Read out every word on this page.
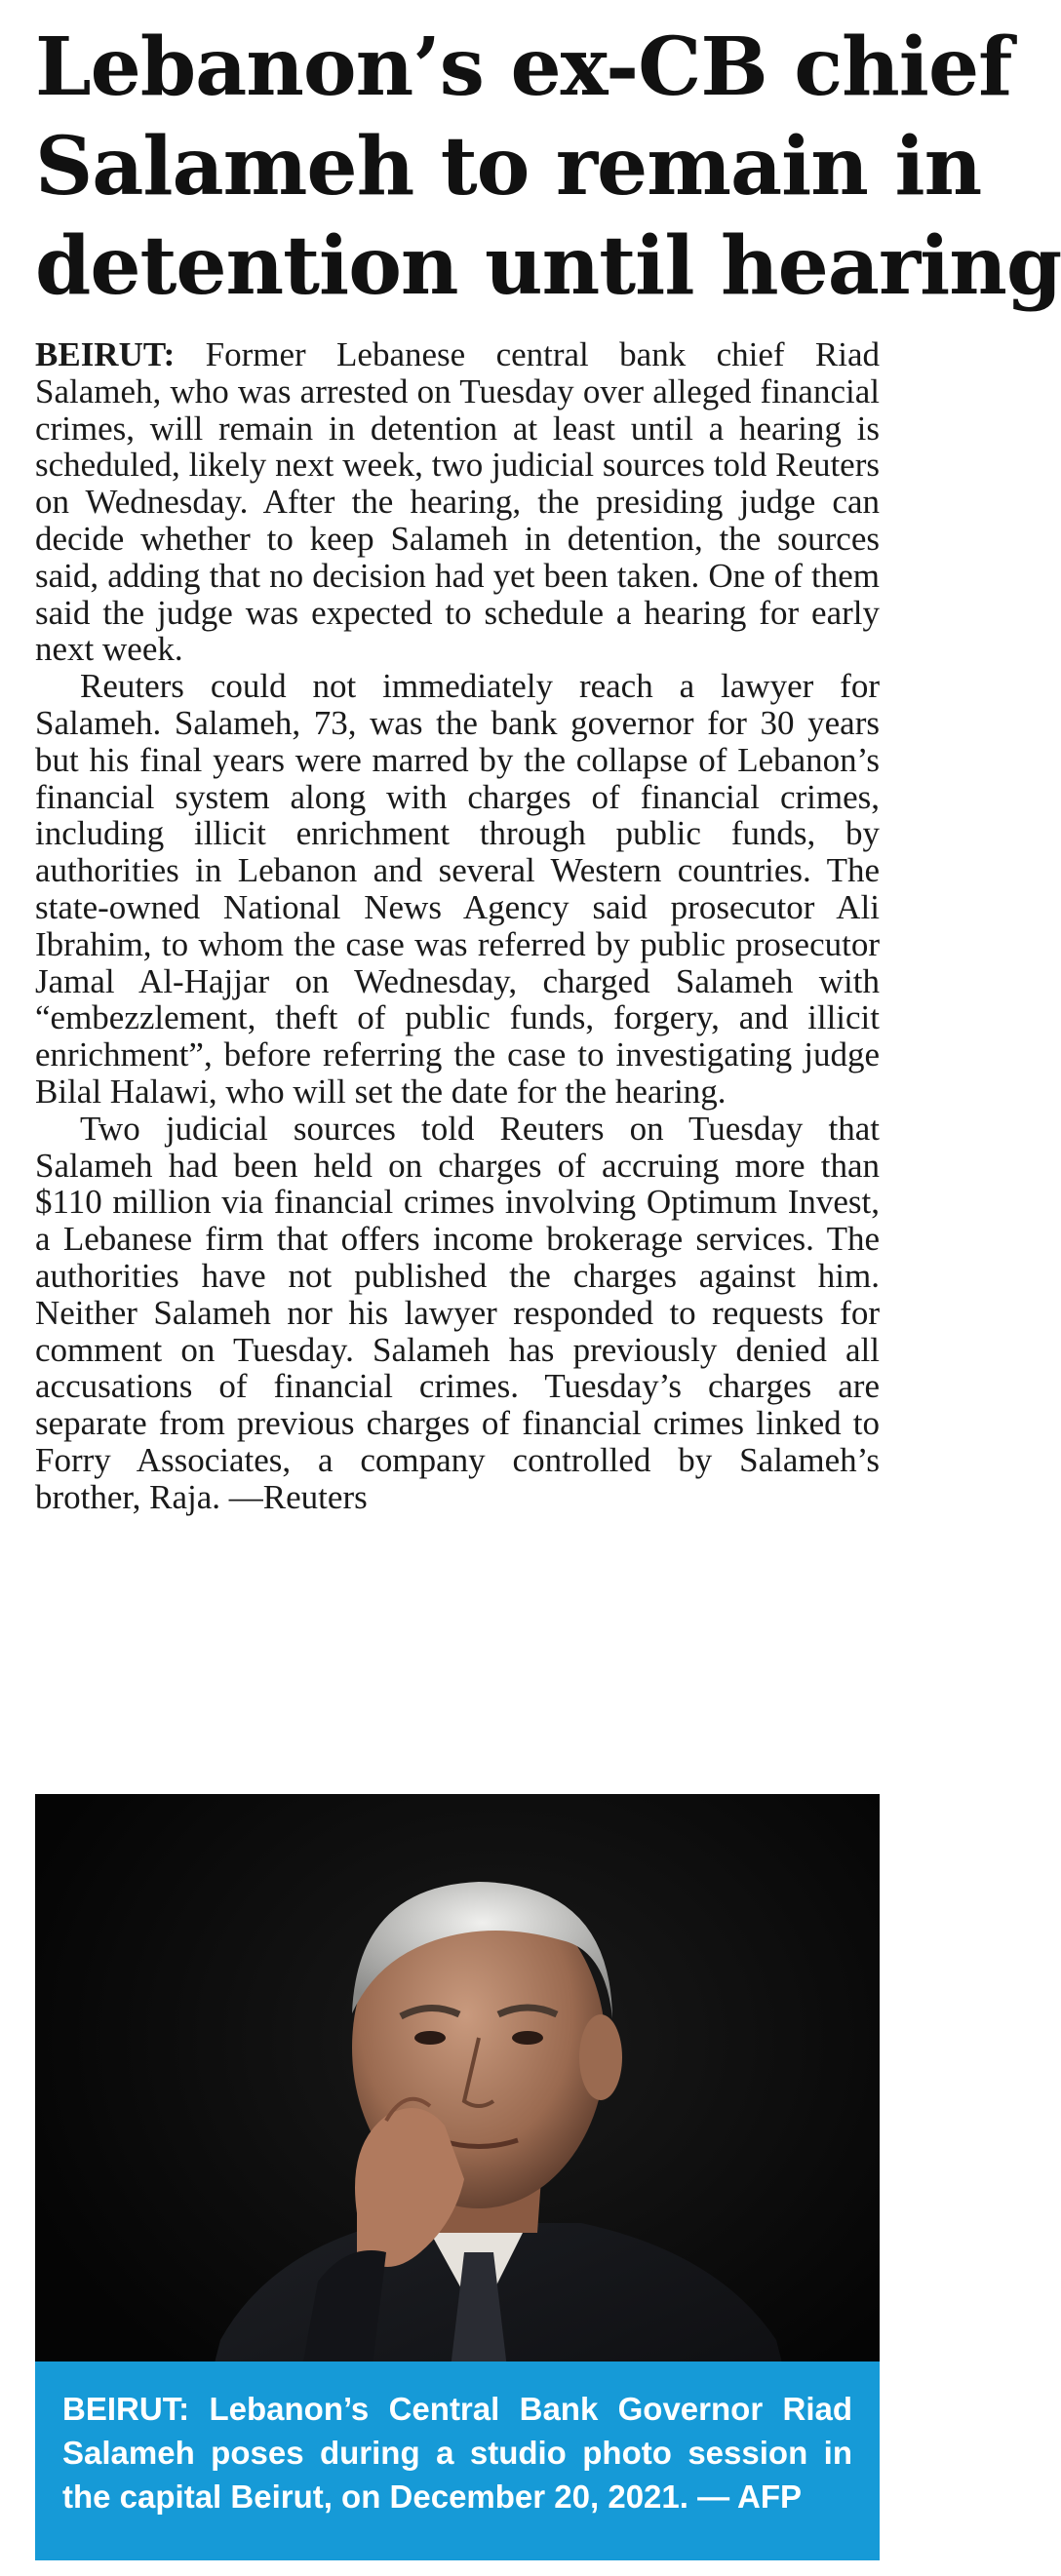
Lebanon’s ex-CB chief
Salameh to remain in
detention until hearing

BEIRUT: Former Lebanese central bank chief Riad Salameh, who was arrested on Tuesday over alleged financial crimes, will remain in detention at least until a hearing is scheduled, likely next week, two judicial sources told Reuters on Wednesday. After the hearing, the presiding judge can decide whether to keep Salameh in detention, the sources said, adding that no decision had yet been taken. One of them said the judge was expected to schedule a hearing for early next week.

Reuters could not immediately reach a lawyer for Salameh. Salameh, 73, was the bank governor for 30 years but his final years were marred by the collapse of Lebanon’s financial system along with charges of financial crimes, including illicit enrichment through public funds, by authorities in Lebanon and several Western countries. The state-owned National News Agency said prosecutor Ali Ibrahim, to whom the case was referred by public prosecutor Jamal Al-Hajjar on Wednesday, charged Salameh with “embezzlement, theft of public funds, forgery, and illicit enrichment”, before referring the case to investigating judge Bilal Halawi, who will set the date for the hearing.

Two judicial sources told Reuters on Tuesday that Salameh had been held on charges of accruing more than $110 million via financial crimes involving Optimum Invest, a Lebanese firm that offers income brokerage services. The authorities have not published the charges against him. Neither Salameh nor his lawyer responded to requests for comment on Tuesday. Salameh has previously denied all accusations of financial crimes. Tuesday’s charges are separate from previous charges of financial crimes linked to Forry Associates, a company controlled by Salameh’s brother, Raja. —Reuters

BEIRUT: Lebanon’s Central Bank Governor Riad Salameh poses during a studio photo session in the capital Beirut, on December 20, 2021. — AFP
